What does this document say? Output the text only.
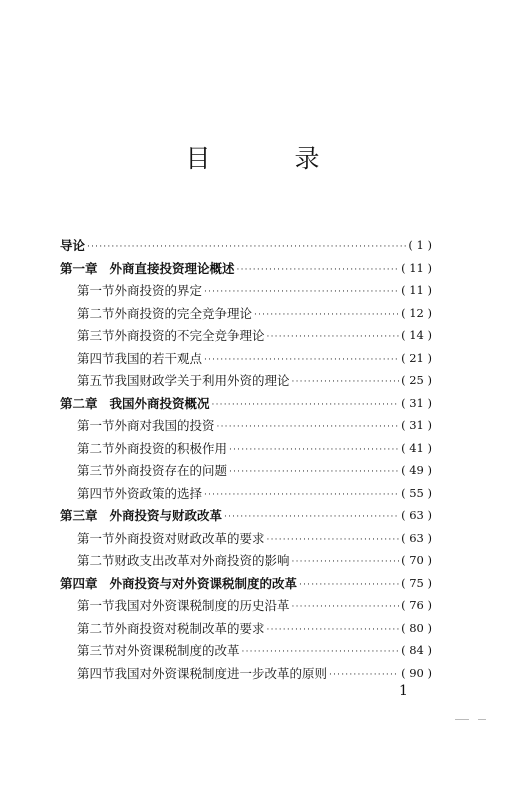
目 录
导论 ·····	( 1 )
第一章 外商直接投资理论概述 ·····	( 11 )
第一节 外商投资的界定 ·····	( 11 )
第二节 外商投资的完全竞争理论 ·····	( 12 )
第三节 外商投资的不完全竞争理论 ·····	( 14 )
第四节 我国的若干观点 ·····	( 21 )
第五节 我国财政学关于利用外资的理论 ·····	( 25 )
第二章 我国外商投资概况 ·····	( 31 )
第一节 外商对我国的投资 ·····	( 31 )
第二节 外商投资的积极作用 ·····	( 41 )
第三节 外商投资存在的问题 ·····	( 49 )
第四节 外资政策的选择 ·····	( 55 )
第三章 外商投资与财政改革 ·····	( 63 )
第一节 外商投资对财政改革的要求 ·····	( 63 )
第二节 财政支出改革对外商投资的影响 ·····	( 70 )
第四章 外商投资与对外资课税制度的改革 ·····	( 75 )
第一节 我国对外资课税制度的历史沿革 ·····	( 76 )
第二节 外商投资对税制改革的要求 ·····	( 80 )
第三节 对外资课税制度的改革 ·····	( 84 )
第四节 我国对外资课税制度进一步改革的原则 ·····	( 90 )
1
